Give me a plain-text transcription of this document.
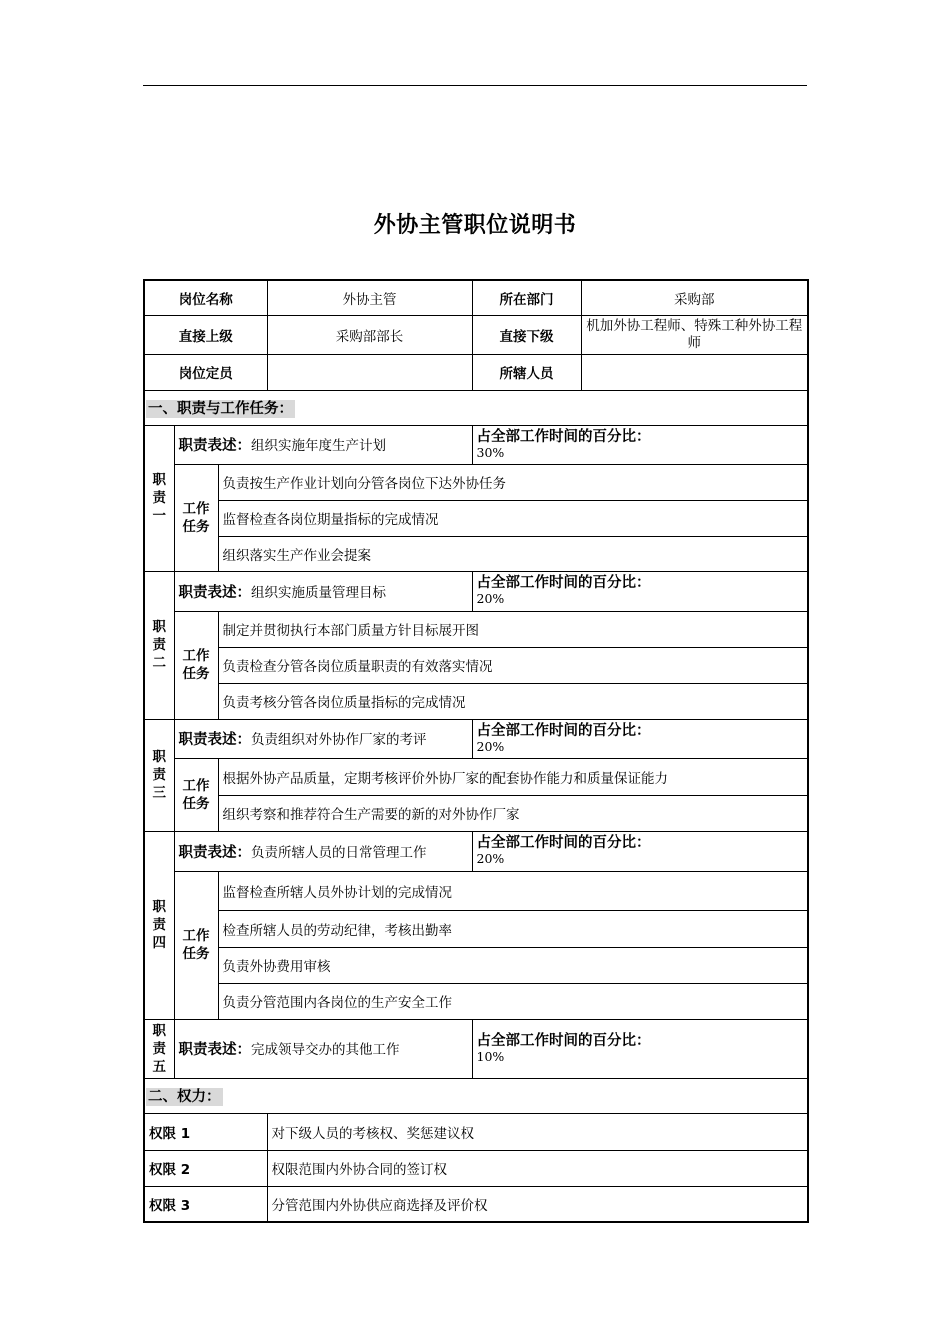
外协主管职位说明书
岗位名称			外协主管	所在部门	采购部
直接上级			采购部部长	直接下级	机加外协工程师、特殊工种外协工程师
岗位定员				所辖人员	
一、职责与工作任务：					

职
责
一	职责表述：组织实施年度生产计划			占全部工作时间的百分比：
30%	

	工作
任务	负责按生产作业计划向分管各岗位下达外协任务			
		监督检查各岗位期量指标的完成情况			
		组织落实生产作业会提案			

职
责
二	职责表述：组织实施质量管理目标			占全部工作时间的百分比：
20%	

	工作
任务	制定并贯彻执行本部门质量方针目标展开图			
		负责检查分管各岗位质量职责的有效落实情况			
		负责考核分管各岗位质量指标的完成情况			

职
责
三	职责表述：负责组织对外协作厂家的考评			占全部工作时间的百分比：
20%	

	工作
任务	根据外协产品质量，定期考核评价外协厂家的配套协作能力和质量保证能力			
		组织考察和推荐符合生产需要的新的对外协作厂家			

职
责
四	职责表述：负责所辖人员的日常管理工作			占全部工作时间的百分比：
20%	

	工作
任务	监督检查所辖人员外协计划的完成情况			
		检查所辖人员的劳动纪律，考核出勤率			
		负责外协费用审核			
		负责分管范围内各岗位的生产安全工作			

职
责
五	职责表述：完成领导交办的其他工作			占全部工作时间的百分比：
10%	

二、权力：					
权限 1			对下级人员的考核权、奖惩建议权		
权限 2			权限范围内外协合同的签订权		
权限 3			分管范围内外协供应商选择及评价权		
